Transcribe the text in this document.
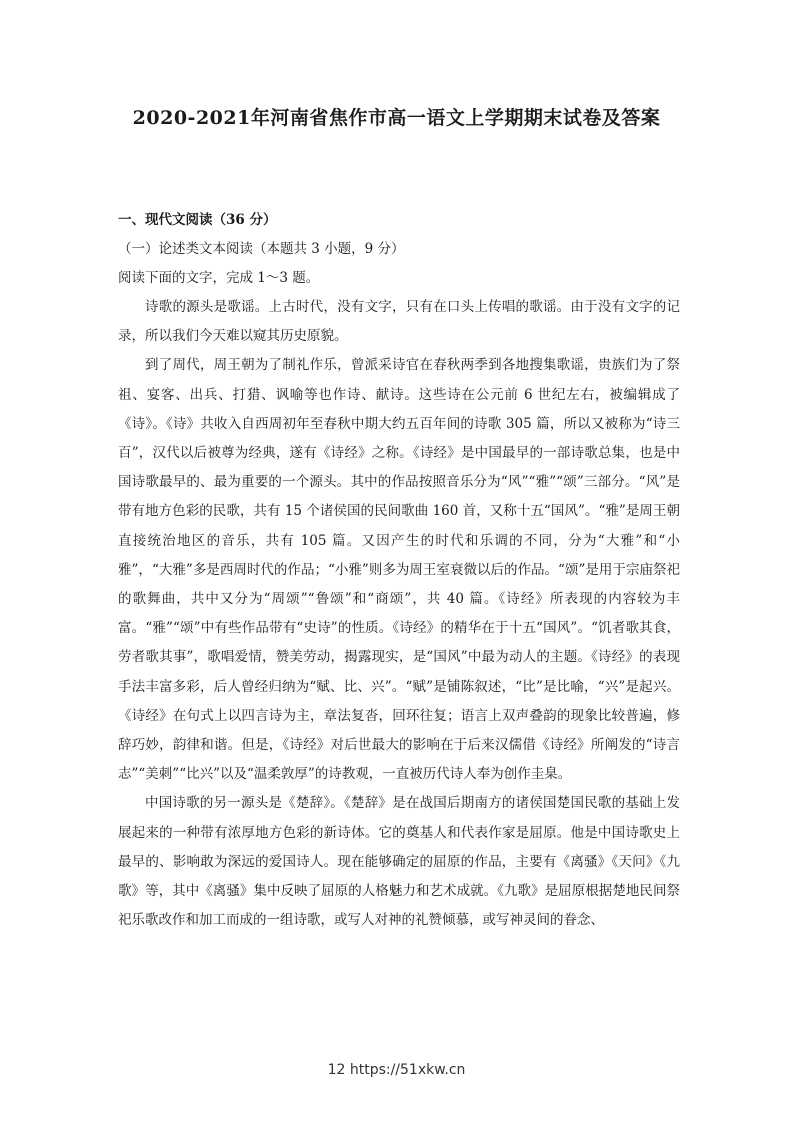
2020-2021年河南省焦作市高一语文上学期期末试卷及答案
一、现代文阅读（36 分）
（一）论述类文本阅读（本题共 3 小题，9 分）
阅读下面的文字，完成 1～3 题。

诗歌的源头是歌谣。上古时代，没有文字，只有在口头上传唱的歌谣。由于没有文字的记录，所以我们今天难以窥其历史原貌。

到了周代，周王朝为了制礼作乐，曾派采诗官在春秋两季到各地搜集歌谣，贵族们为了祭祖、宴客、出兵、打猎、讽喻等也作诗、献诗。这些诗在公元前 6 世纪左右，被编辑成了《诗》。《诗》共收入自西周初年至春秋中期大约五百年间的诗歌 305 篇，所以又被称为“诗三百”，汉代以后被尊为经典，遂有《诗经》之称。《诗经》是中国最早的一部诗歌总集，也是中国诗歌最早的、最为重要的一个源头。其中的作品按照音乐分为“风”“雅”“颂”三部分。“风”是带有地方色彩的民歌，共有 15 个诸侯国的民间歌曲 160 首，又称十五“国风”。“雅”是周王朝直接统治地区的音乐，共有 105 篇。又因产生的时代和乐调的不同，分为“大雅”和“小雅”，“大雅”多是西周时代的作品；“小雅”则多为周王室衰微以后的作品。“颂”是用于宗庙祭祀的歌舞曲，共中又分为“周颂”“鲁颂”和“商颂”，共 40 篇。《诗经》所表现的内容较为丰富。“雅”“颂”中有些作品带有“史诗”的性质。《诗经》的精华在于十五“国风”。“饥者歌其食，劳者歌其事”，歌唱爱情，赞美劳动，揭露现实，是“国风”中最为动人的主题。《诗经》的表现手法丰富多彩，后人曾经归纳为“赋、比、兴”。“赋”是铺陈叙述，“比”是比喻，“兴”是起兴。《诗经》在句式上以四言诗为主，章法复沓，回环往复；语言上双声叠韵的现象比较普遍，修辞巧妙，韵律和谐。但是，《诗经》对后世最大的影响在于后来汉儒借《诗经》所阐发的“诗言志”“美刺”“比兴”以及“温柔敦厚”的诗教观，一直被历代诗人奉为创作圭臬。

中国诗歌的另一源头是《楚辞》。《楚辞》是在战国后期南方的诸侯国楚国民歌的基础上发展起来的一种带有浓厚地方色彩的新诗体。它的奠基人和代表作家是屈原。他是中国诗歌史上最早的、影响敢为深远的爱国诗人。现在能够确定的屈原的作品，主要有《离骚》《天问》《九歌》等，其中《离骚》集中反映了屈原的人格魅力和艺术成就。《九歌》是屈原根据楚地民间祭祀乐歌改作和加工而成的一组诗歌，或写人对神的礼赞倾慕，或写神灵间的眷念、

12 https://51xkw.cn
